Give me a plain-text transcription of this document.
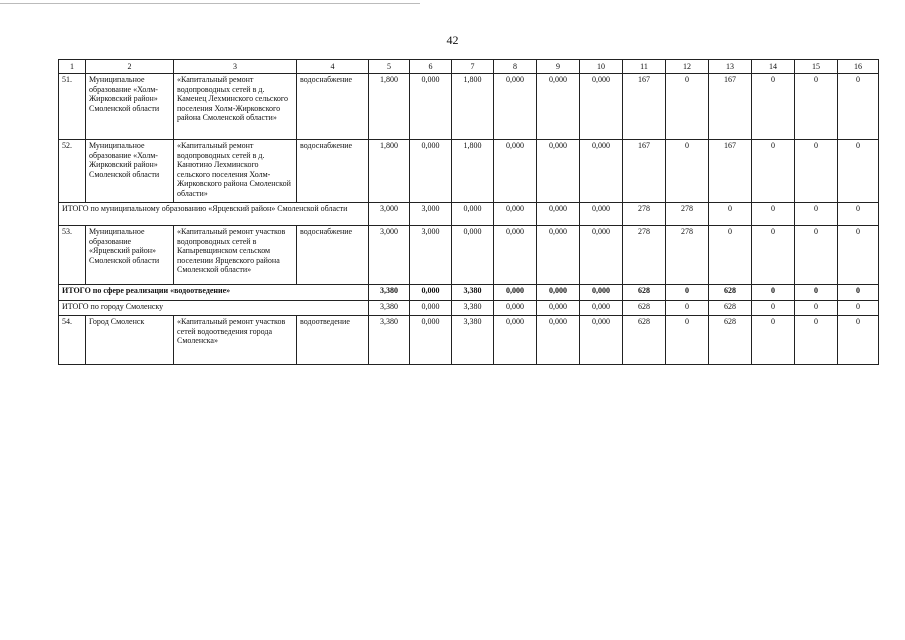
42
1	2	3	4	5	6	7	8	9	10	11	12	13	14	15	16
51.	Муниципальное образование «Холм-Жирковский район» Смоленской области	«Капитальный ремонт водопроводных сетей в д. Каменец Лехминского сельского поселения Холм-Жирковского района Смоленской области»	водоснабжение	1,800	0,000	1,800	0,000	0,000	0,000	167	0	167	0	0	0
52.	Муниципальное образование «Холм-Жирковский район» Смоленской области	«Капитальный ремонт водопроводных сетей в д. Канютино Лехминского сельского поселения Холм-Жирковского района Смоленской области»	водоснабжение	1,800	0,000	1,800	0,000	0,000	0,000	167	0	167	0	0	0
ИТОГО по муниципальному образованию «Ярцевский район» Смоленской области				3,000	3,000	0,000	0,000	0,000	0,000	278	278	0	0	0	0
53.	Муниципальное образование «Ярцевский район» Смоленской области	«Капитальный ремонт участков водопроводных сетей в Капыревщинском сельском поселении Ярцевского района Смоленской области»	водоснабжение	3,000	3,000	0,000	0,000	0,000	0,000	278	278	0	0	0	0
ИТОГО по сфере реализации «водоотведение»				3,380	0,000	3,380	0,000	0,000	0,000	628	0	628	0	0	0
ИТОГО по городу Смоленску				3,380	0,000	3,380	0,000	0,000	0,000	628	0	628	0	0	0
54.	Город Смоленск	«Капитальный ремонт участков сетей водоотведения города Смоленска»	водоотведение	3,380	0,000	3,380	0,000	0,000	0,000	628	0	628	0	0	0
